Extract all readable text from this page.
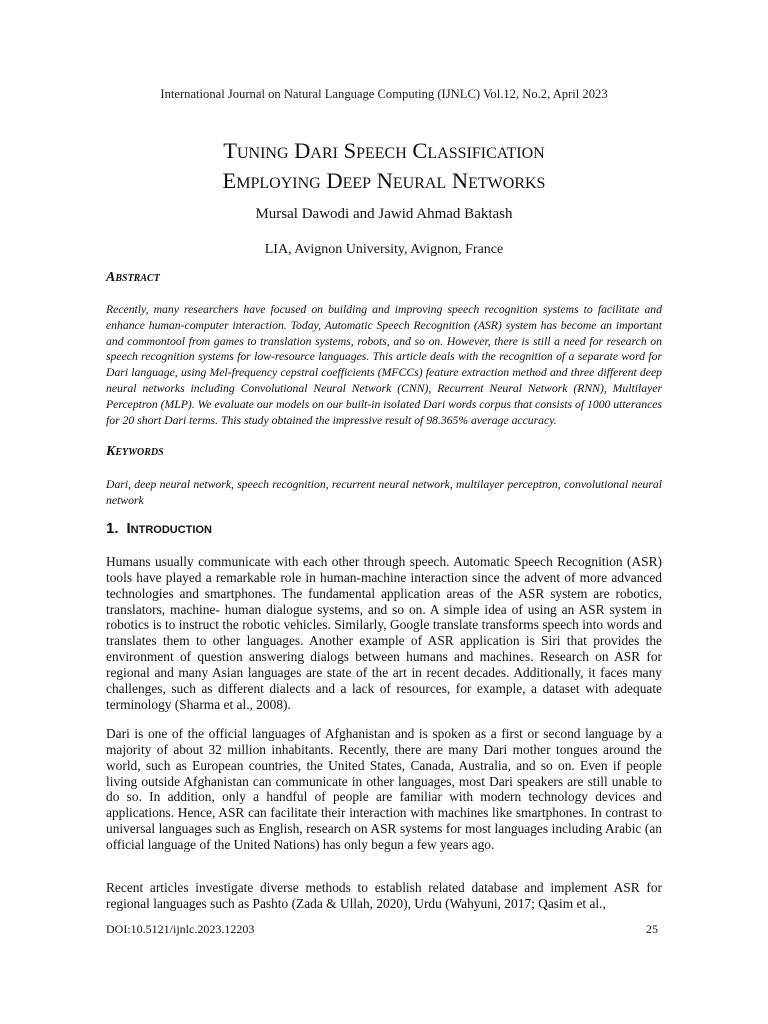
International Journal on Natural Language Computing (IJNLC) Vol.12, No.2, April 2023
Tuning Dari Speech Classification
Employing Deep Neural Networks
Mursal Dawodi and Jawid Ahmad Baktash
LIA, Avignon University, Avignon, France
Abstract

Recently, many researchers have focused on building and improving speech recognition systems to facilitate and enhance human-computer interaction. Today, Automatic Speech Recognition (ASR) system has become an important and commontool from games to translation systems, robots, and so on. However, there is still a need for research on speech recognition systems for low-resource languages. This article deals with the recognition of a separate word for Dari language, using Mel-frequency cepstral coefficients (MFCCs) feature extraction method and three different deep neural networks including Convolutional Neural Network (CNN), Recurrent Neural Network (RNN), Multilayer Perceptron (MLP). We evaluate our models on our built-in isolated Dari words corpus that consists of 1000 utterances for 20 short Dari terms. This study obtained the impressive result of 98.365% average accuracy.

Keywords

Dari, deep neural network, speech recognition, recurrent neural network, multilayer perceptron, convolutional neural network

1. Introduction

Humans usually communicate with each other through speech. Automatic Speech Recognition (ASR) tools have played a remarkable role in human-machine interaction since the advent of more advanced technologies and smartphones. The fundamental application areas of the ASR system are robotics, translators, machine- human dialogue systems, and so on. A simple idea of using an ASR system in robotics is to instruct the robotic vehicles. Similarly, Google translate transforms speech into words and translates them to other languages. Another example of ASR application is Siri that provides the environment of question answering dialogs between humans and machines. Research on ASR for regional and many Asian languages are state of the art in recent decades. Additionally, it faces many challenges, such as different dialects and a lack of resources, for example, a dataset with adequate terminology (Sharma et al., 2008).

Dari is one of the official languages of Afghanistan and is spoken as a first or second language by a majority of about 32 million inhabitants. Recently, there are many Dari mother tongues around the world, such as European countries, the United States, Canada, Australia, and so on. Even if people living outside Afghanistan can communicate in other languages, most Dari speakers are still unable to do so. In addition, only a handful of people are familiar with modern technology devices and applications. Hence, ASR can facilitate their interaction with machines like smartphones. In contrast to universal languages such as English, research on ASR systems for most languages including Arabic (an official language of the United Nations) has only begun a few years ago.

Recent articles investigate diverse methods to establish related database and implement ASR for regional languages such as Pashto (Zada & Ullah, 2020), Urdu (Wahyuni, 2017; Qasim et al.,

DOI:10.5121/ijnlc.2023.12203	25
